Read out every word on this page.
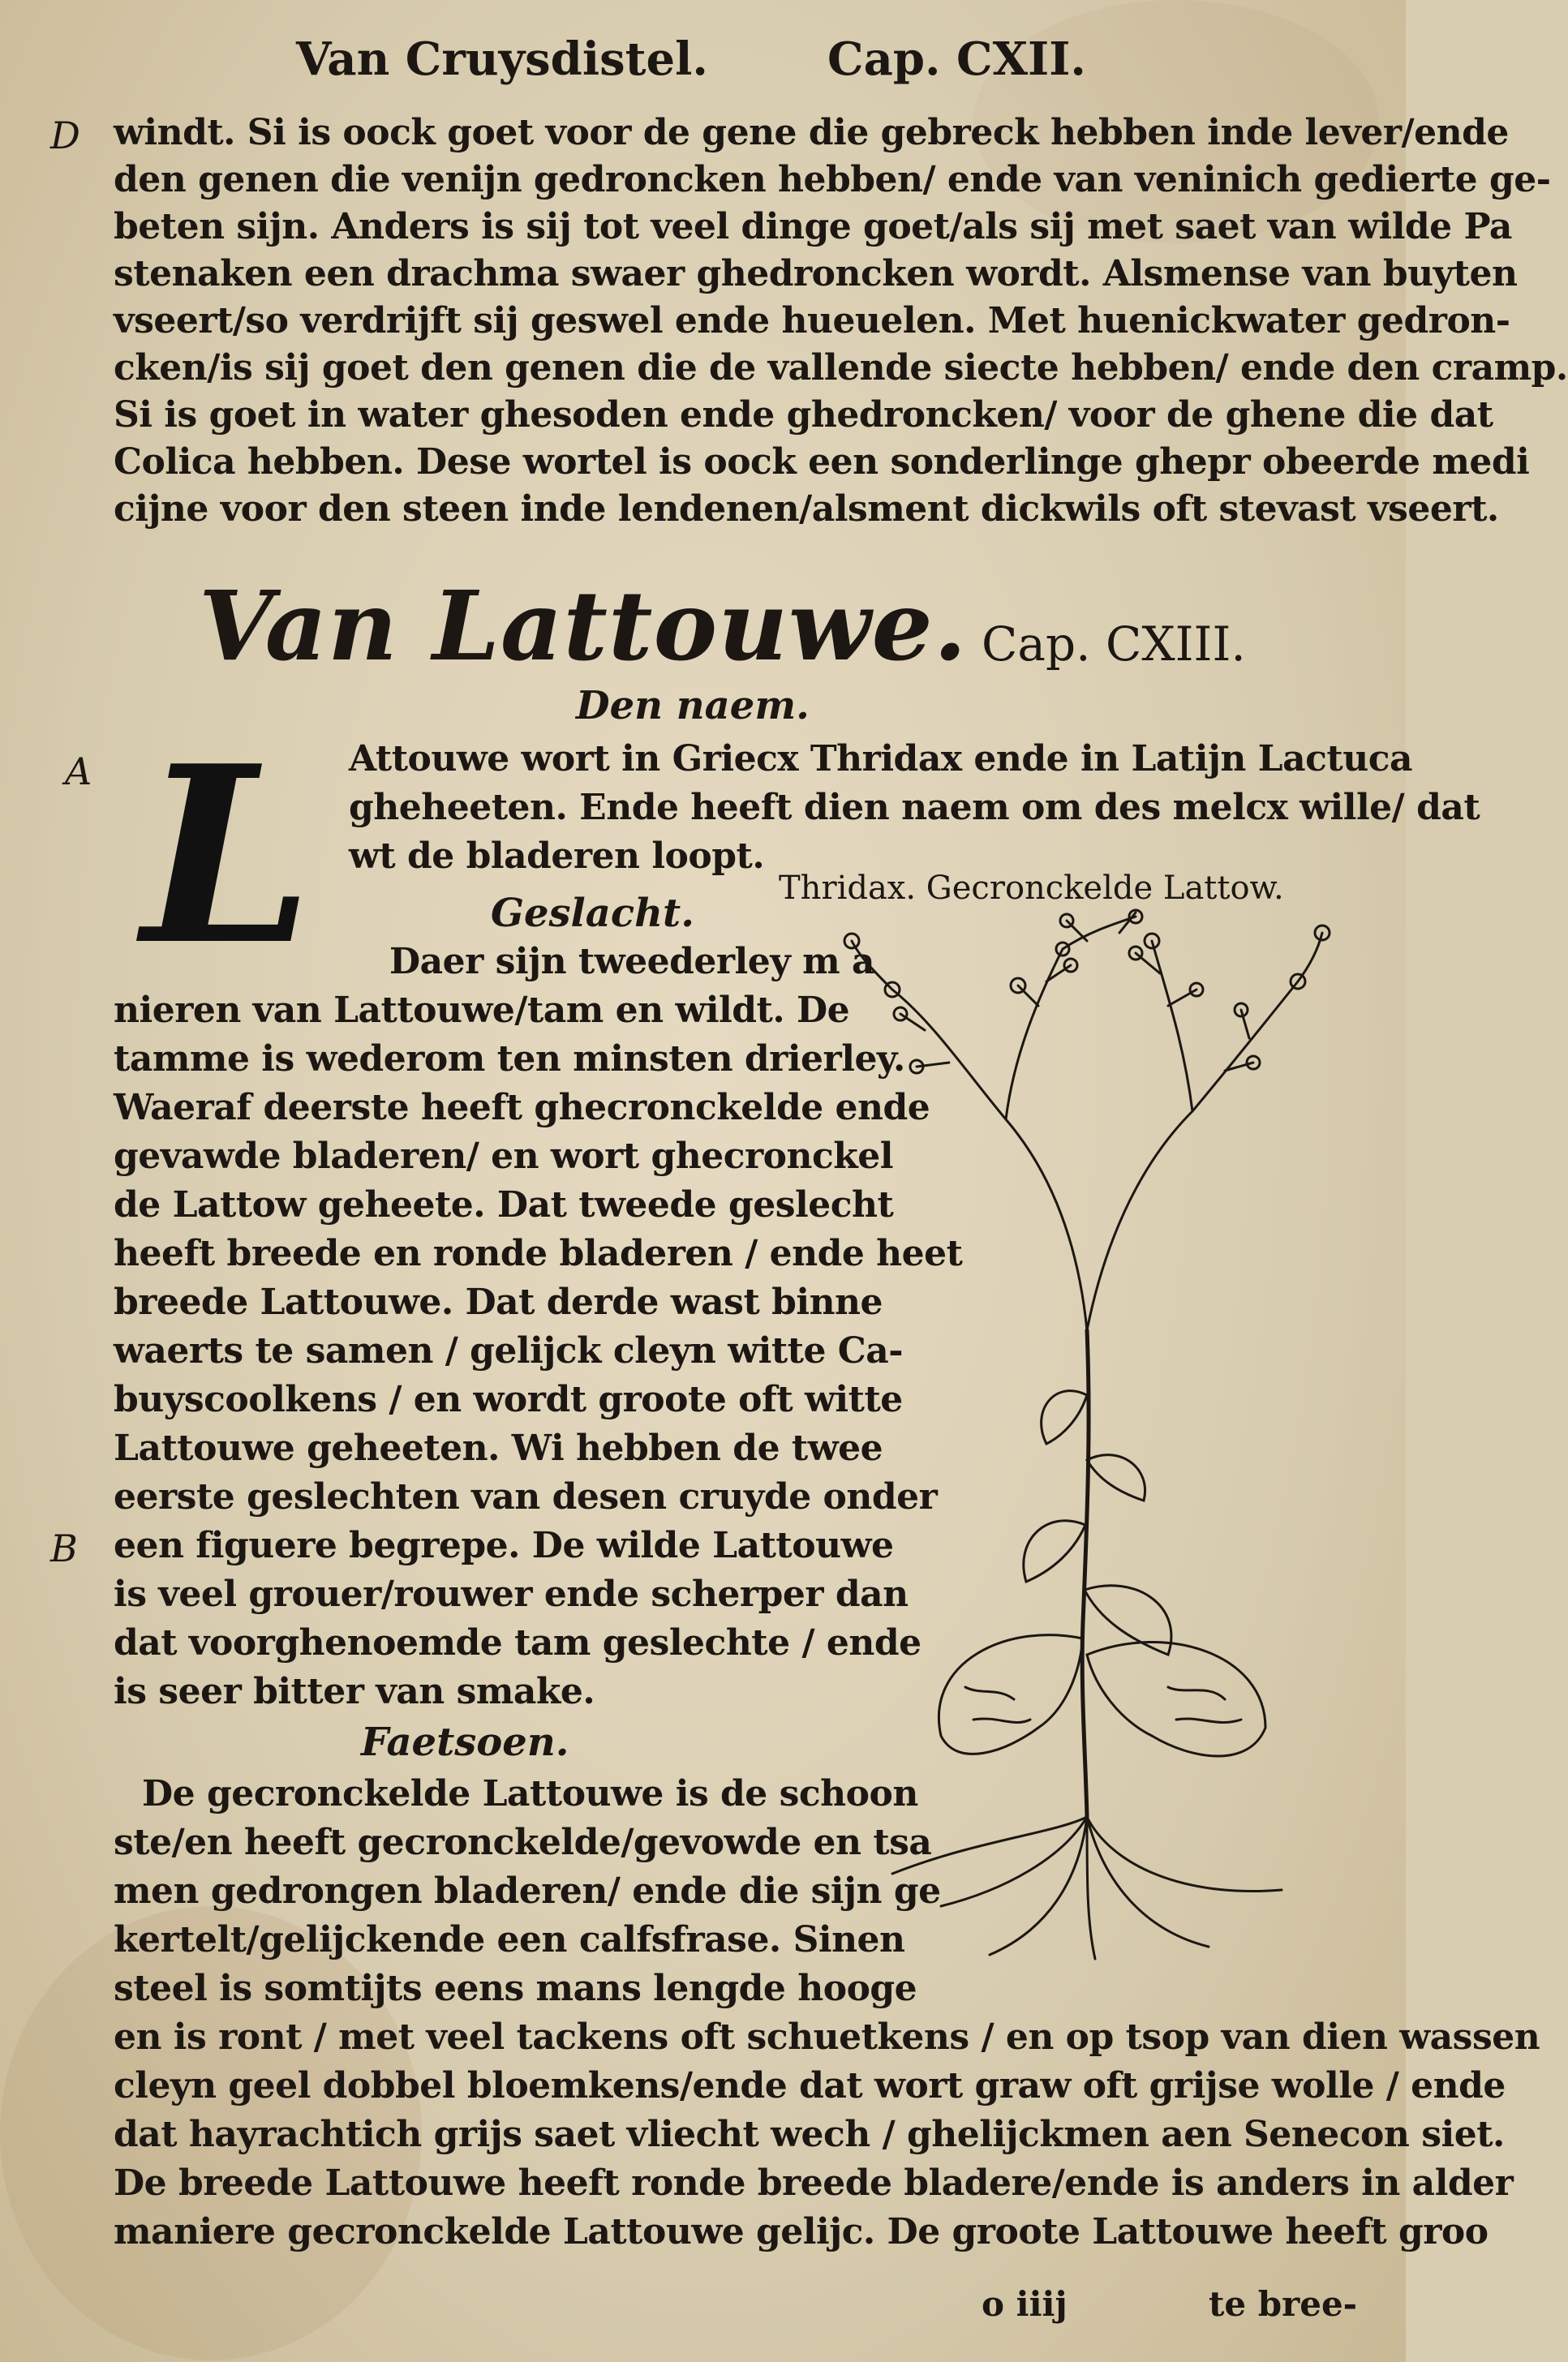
Van Cruysdistel.	Cap. CXII.
D windt. Si is oock goet voor de gene die gebreck hebben inde lever/ende
den genen die venijn gedroncken hebben/ ende van veninich gedierte ge-
beten sijn. Anders is sij tot veel dinge goet/als sij met saet van wilde Pa
stenaken een drachma swaer ghedroncken wordt. Alsmense van buyten
vseert/so verdrijft sij geswel ende hueuelen. Met huenickwater gedron-
cken/is sij goet den genen die de vallende siecte hebben/ ende den cramp.
Si is goet in water ghesoden ende ghedroncken/ voor de ghene die dat
Colica hebben. Dese wortel is oock een sonderlinge ghepr obeerde medi
cijne voor den steen inde lendenen/alsment dickwils oft stevast vseert.
Van Lattouwe. Cap. CXIII.
Den naem.
A L	Attouwe wort in Griecx Thridax ende in Latijn Lactuca
gheheeten. Ende heeft dien naem om des melcx wille/ dat
wt de bladeren loopt.
Thridax. Gecronckelde Lattow.
Geslacht.
Daer sijn tweederley m a
nieren van Lattouwe/tam en wildt. De
tamme is wederom ten minsten drierley.
Waeraf deerste heeft ghecronckelde ende
gevawde bladeren/ en wort ghecronckel
de Lattow geheete. Dat tweede geslecht
heeft breede en ronde bladeren / ende heet
breede Lattouwe. Dat derde wast binne
waerts te samen / gelijck cleyn witte Ca-
buyscoolkens / en wordt groote oft witte
Lattouwe geheeten. Wi hebben de twee
eerste geslechten van desen cruyde onder
B een figuere begrepe. De wilde Lattouwe
is veel grouer/rouwer ende scherper dan
dat voorghenoemde tam geslechte / ende
is seer bitter van smake.
Faetsoen.
De gecronckelde Lattouwe is de schoon
ste/en heeft gecronckelde/gevowde en tsa
men gedrongen bladeren/ ende die sijn ge
kertelt/gelijckende een calfsfrase. Sinen
steel is somtijts eens mans lengde hooge
en is ront / met veel tackens oft schuetkens / en op tsop van dien wassen
cleyn geel dobbel bloemkens/ende dat wort graw oft grijse wolle / ende
dat hayrachtich grijs saet vliecht wech / ghelijckmen aen Senecon siet.
De breede Lattouwe heeft ronde breede bladere/ende is anders in alder
maniere gecronckelde Lattouwe gelijc. De groote Lattouwe heeft groo
o iiij	te bree-
